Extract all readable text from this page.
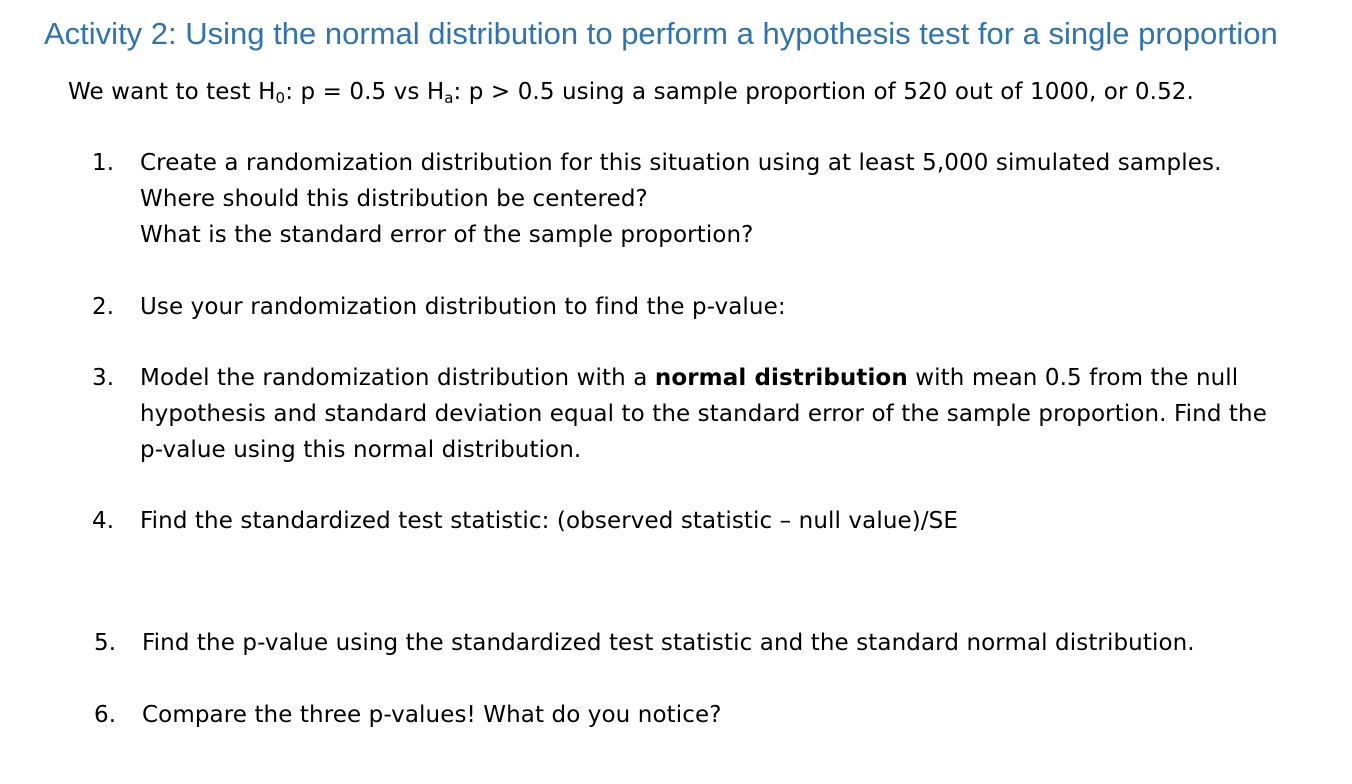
Activity 2: Using the normal distribution to perform a hypothesis test for a single proportion
We want to test $H_0$: p = 0.5 vs $H_a$: p > 0.5 using a sample proportion of 520 out of 1000, or 0.52.
1. Create a randomization distribution for this situation using at least 5,000 simulated samples.
Where should this distribution be centered?
What is the standard error of the sample proportion?
2. Use your randomization distribution to find the p-value:
3. Model the randomization distribution with a normal distribution with mean 0.5 from the null
hypothesis and standard deviation equal to the standard error of the sample proportion. Find the
p-value using this normal distribution.
4. Find the standardized test statistic: (observed statistic – null value)/SE
5. Find the p-value using the standardized test statistic and the standard normal distribution.
6. Compare the three p-values! What do you notice?
